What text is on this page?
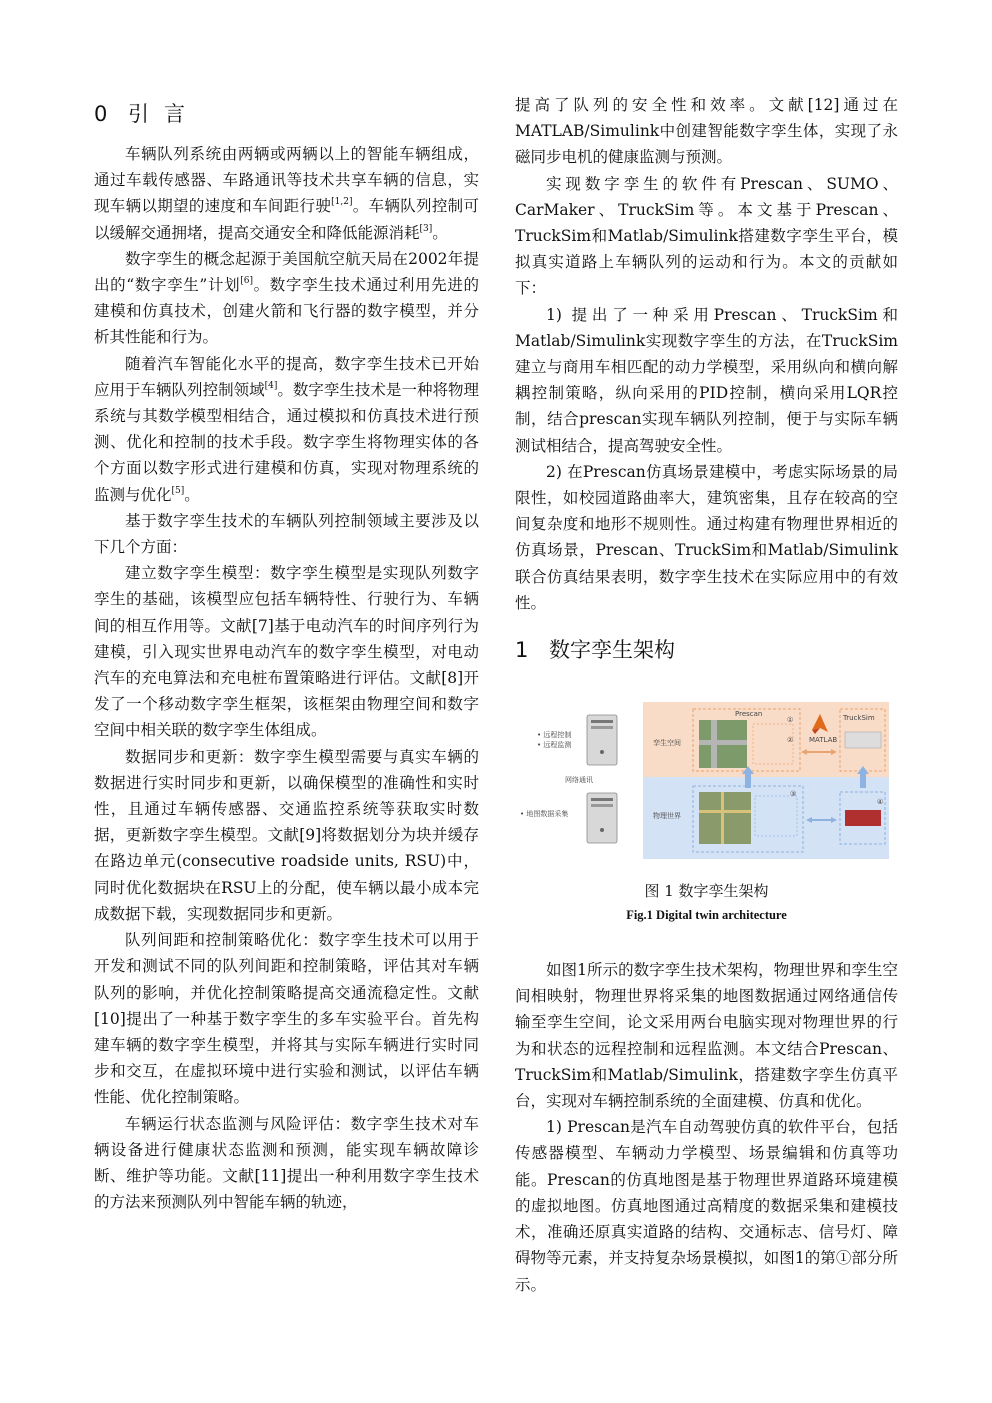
0 引言

车辆队列系统由两辆或两辆以上的智能车辆组成，通过车载传感器、车路通讯等技术共享车辆的信息，实现车辆以期望的速度和车间距行驶[1,2]。车辆队列控制可以缓解交通拥堵，提高交通安全和降低能源消耗[3]。

数字孪生的概念起源于美国航空航天局在2002年提出的“数字孪生”计划[6]。数字孪生技术通过利用先进的建模和仿真技术，创建火箭和飞行器的数字模型，并分析其性能和行为。

随着汽车智能化水平的提高，数字孪生技术已开始应用于车辆队列控制领域[4]。数字孪生技术是一种将物理系统与其数学模型相结合，通过模拟和仿真技术进行预测、优化和控制的技术手段。数字孪生将物理实体的各个方面以数字形式进行建模和仿真，实现对物理系统的监测与优化[5]。

基于数字孪生技术的车辆队列控制领域主要涉及以下几个方面：

建立数字孪生模型：数字孪生模型是实现队列数字孪生的基础，该模型应包括车辆特性、行驶行为、车辆间的相互作用等。文献[7]基于电动汽车的时间序列行为建模，引入现实世界电动汽车的数字孪生模型，对电动汽车的充电算法和充电桩布置策略进行评估。文献[8]开发了一个移动数字孪生框架，该框架由物理空间和数字空间中相关联的数字孪生体组成。

数据同步和更新：数字孪生模型需要与真实车辆的数据进行实时同步和更新，以确保模型的准确性和实时性，且通过车辆传感器、交通监控系统等获取实时数据，更新数字孪生模型。文献[9]将数据划分为块并缓存在路边单元(consecutive roadside units, RSU)中，同时优化数据块在RSU上的分配，使车辆以最小成本完成数据下载，实现数据同步和更新。

队列间距和控制策略优化：数字孪生技术可以用于开发和测试不同的队列间距和控制策略，评估其对车辆队列的影响，并优化控制策略提高交通流稳定性。文献[10]提出了一种基于数字孪生的多车实验平台。首先构建车辆的数字孪生模型，并将其与实际车辆进行实时同步和交互，在虚拟环境中进行实验和测试，以评估车辆性能、优化控制策略。

车辆运行状态监测与风险评估：数字孪生技术对车辆设备进行健康状态监测和预测，能实现车辆故障诊断、维护等功能。文献[11]提出一种利用数字孪生技术的方法来预测队列中智能车辆的轨迹，

提高了队列的安全性和效率。文献[12]通过在MATLAB/Simulink中创建智能数字孪生体，实现了永磁同步电机的健康监测与预测。

实现数字孪生的软件有Prescan、SUMO、CarMaker、TruckSim等。本文基于Prescan、TruckSim和Matlab/Simulink搭建数字孪生平台，模拟真实道路上车辆队列的运动和行为。本文的贡献如下：

1) 提出了一种采用Prescan、TruckSim和Matlab/Simulink实现数字孪生的方法，在TruckSim建立与商用车相匹配的动力学模型，采用纵向和横向解耦控制策略，纵向采用的PID控制，横向采用LQR控制，结合prescan实现车辆队列控制，便于与实际车辆测试相结合，提高驾驶安全性。

2) 在Prescan仿真场景建模中，考虑实际场景的局限性，如校园道路曲率大，建筑密集，且存在较高的空间复杂度和地形不规则性。通过构建有物理世界相近的仿真场景，Prescan、TruckSim和Matlab/Simulink联合仿真结果表明，数字孪生技术在实际应用中的有效性。

1 数字孪生架构
• 远程控制
• 远程监测
网络通讯
• 地图数据采集
孪生空间
物理世界
Prescan
①
MATLAB
TruckSim
③
④
②
图 1 数字孪生架构
Fig.1 Digital twin architecture

如图1所示的数字孪生技术架构，物理世界和孪生空间相映射，物理世界将采集的地图数据通过网络通信传输至孪生空间，论文采用两台电脑实现对物理世界的行为和状态的远程控制和远程监测。本文结合Prescan、TruckSim和Matlab/Simulink，搭建数字孪生仿真平台，实现对车辆控制系统的全面建模、仿真和优化。

1) Prescan是汽车自动驾驶仿真的软件平台，包括传感器模型、车辆动力学模型、场景编辑和仿真等功能。Prescan的仿真地图是基于物理世界道路环境建模的虚拟地图。仿真地图通过高精度的数据采集和建模技术，准确还原真实道路的结构、交通标志、信号灯、障碍物等元素，并支持复杂场景模拟，如图1的第①部分所示。
